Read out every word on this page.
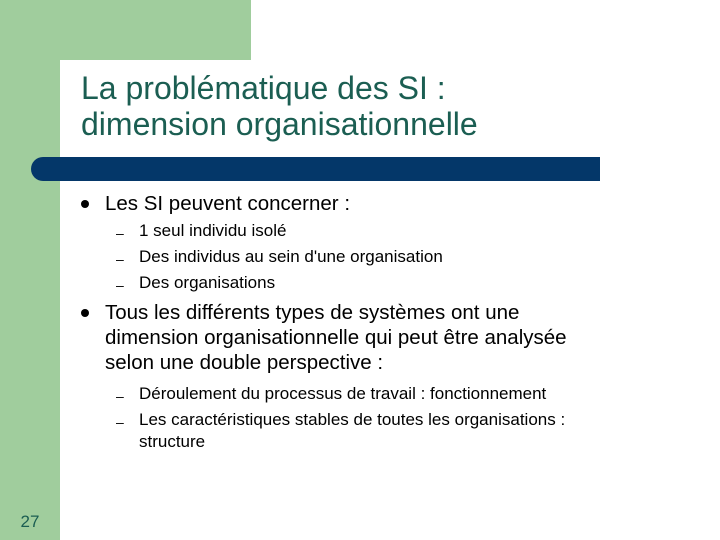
La problématique des SI :
dimension organisationnelle

Les SI peuvent concerner :

– 1 seul individu isolé

– Des individus au sein d'une organisation

– Des organisations

Tous les différents types de systèmes ont une
dimension organisationnelle qui peut être analysée
selon une double perspective :

– Déroulement du processus de travail : fonctionnement

– Les caractéristiques stables de toutes les organisations :
structure

27
